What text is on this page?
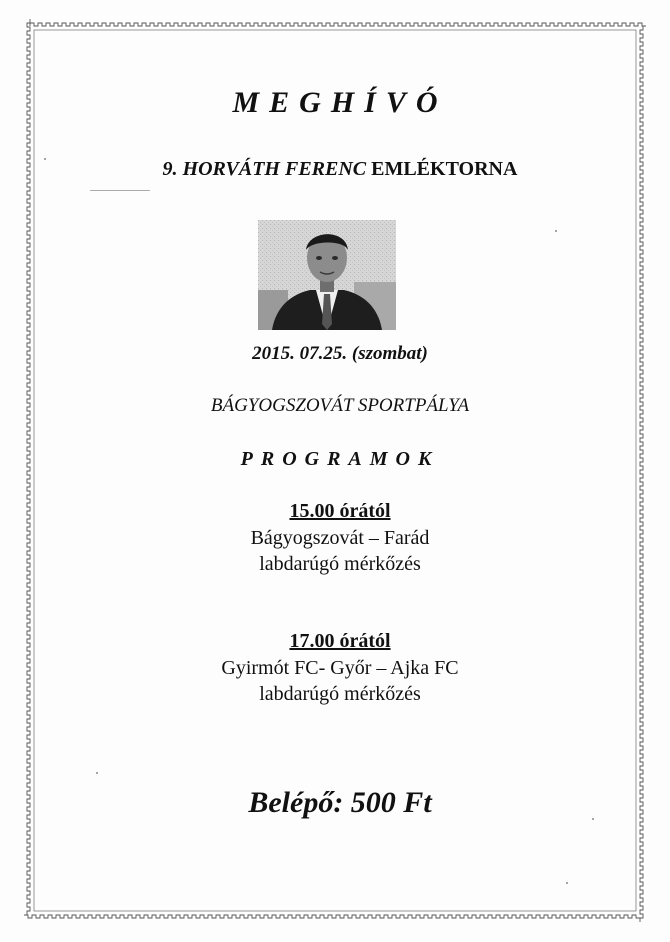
MEGHÍVÓ
9. HORVÁTH FERENC EMLÉKTORNA
2015. 07.25. (szombat)
BÁGYOGSZOVÁT SPORTPÁLYA
PROGRAMOK
15.00 órától
Bágyogszovát – Farád
labdarúgó mérkőzés
17.00 órától
Gyirmót FC- Győr – Ajka FC
labdarúgó mérkőzés
Belépő: 500 Ft
